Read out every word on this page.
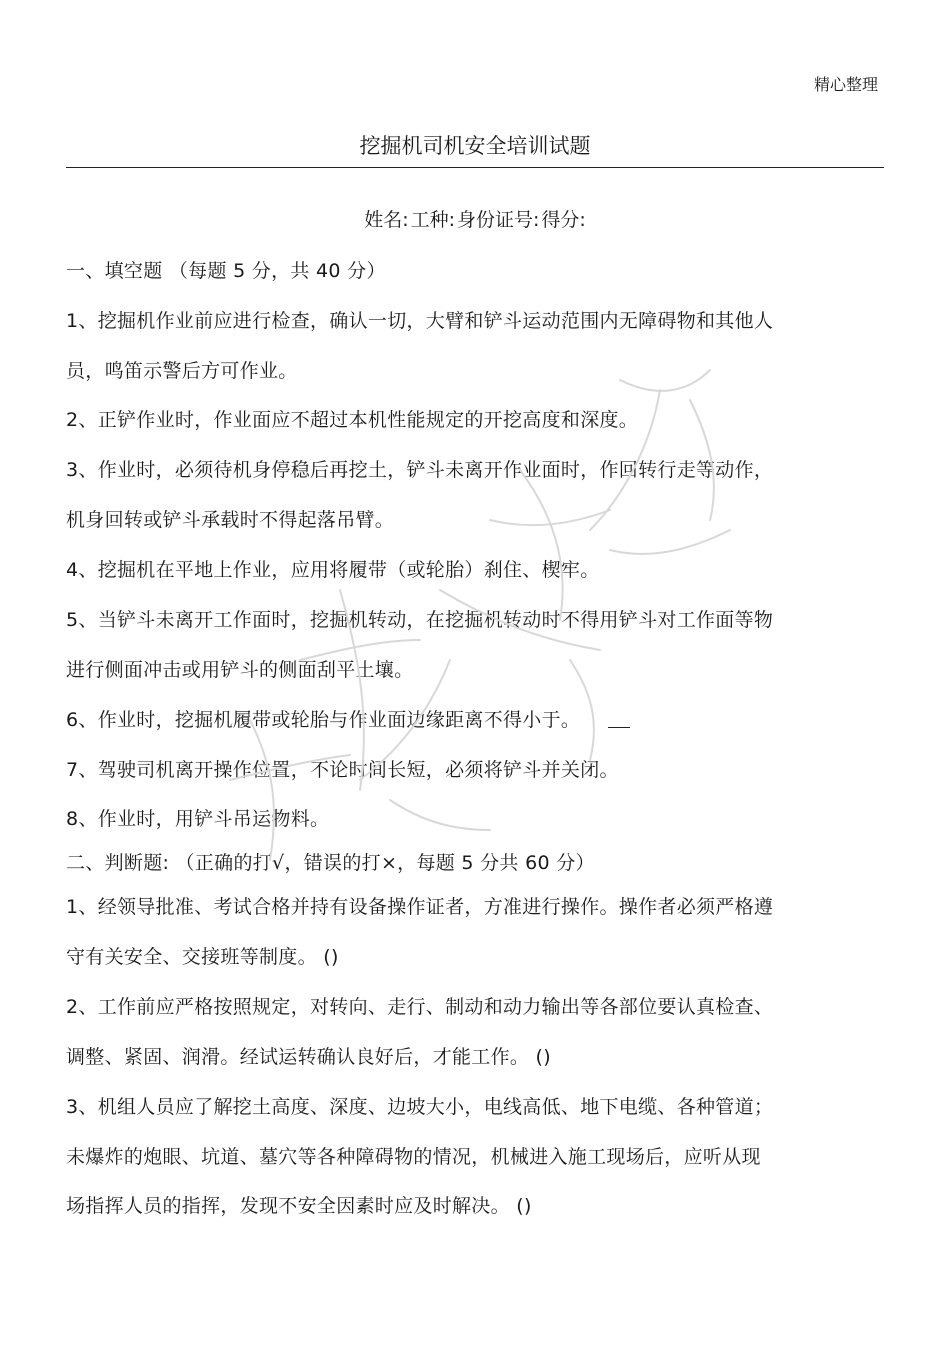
精心整理
挖掘机司机安全培训试题
姓名: 工种: 身份证号: 得分:
一、填空题 （每题 5 分，共 40 分）
1、挖掘机作业前应进行检查，确认一切，大臂和铲斗运动范围内无障碍物和其他人
员，鸣笛示警后方可作业。
2、正铲作业时，作业面应不超过本机性能规定的开挖高度和深度。
3、作业时，必须待机身停稳后再挖土，铲斗未离开作业面时，作回转行走等动作，
机身回转或铲斗承载时不得起落吊臂。
4、挖掘机在平地上作业，应用将履带（或轮胎）刹住、楔牢。
5、当铲斗未离开工作面时，挖掘机转动，在挖掘机转动时不得用铲斗对工作面等物
进行侧面冲击或用铲斗的侧面刮平土壤。
6、作业时，挖掘机履带或轮胎与作业面边缘距离不得小于。
7、驾驶司机离开操作位置，不论时间长短，必须将铲斗并关闭。
8、作业时，用铲斗吊运物料。
二、判断题: （正确的打√，错误的打×，每题 5 分共 60 分）
1、经领导批准、考试合格并持有设备操作证者，方准进行操作。操作者必须严格遵
守有关安全、交接班等制度。 ()
2、工作前应严格按照规定，对转向、走行、制动和动力输出等各部位要认真检查、
调整、紧固、润滑。经试运转确认良好后，才能工作。 ()
3、机组人员应了解挖土高度、深度、边坡大小，电线高低、地下电缆、各种管道；
未爆炸的炮眼、坑道、墓穴等各种障碍物的情况，机械进入施工现场后，应听从现
场指挥人员的指挥，发现不安全因素时应及时解决。 ()
